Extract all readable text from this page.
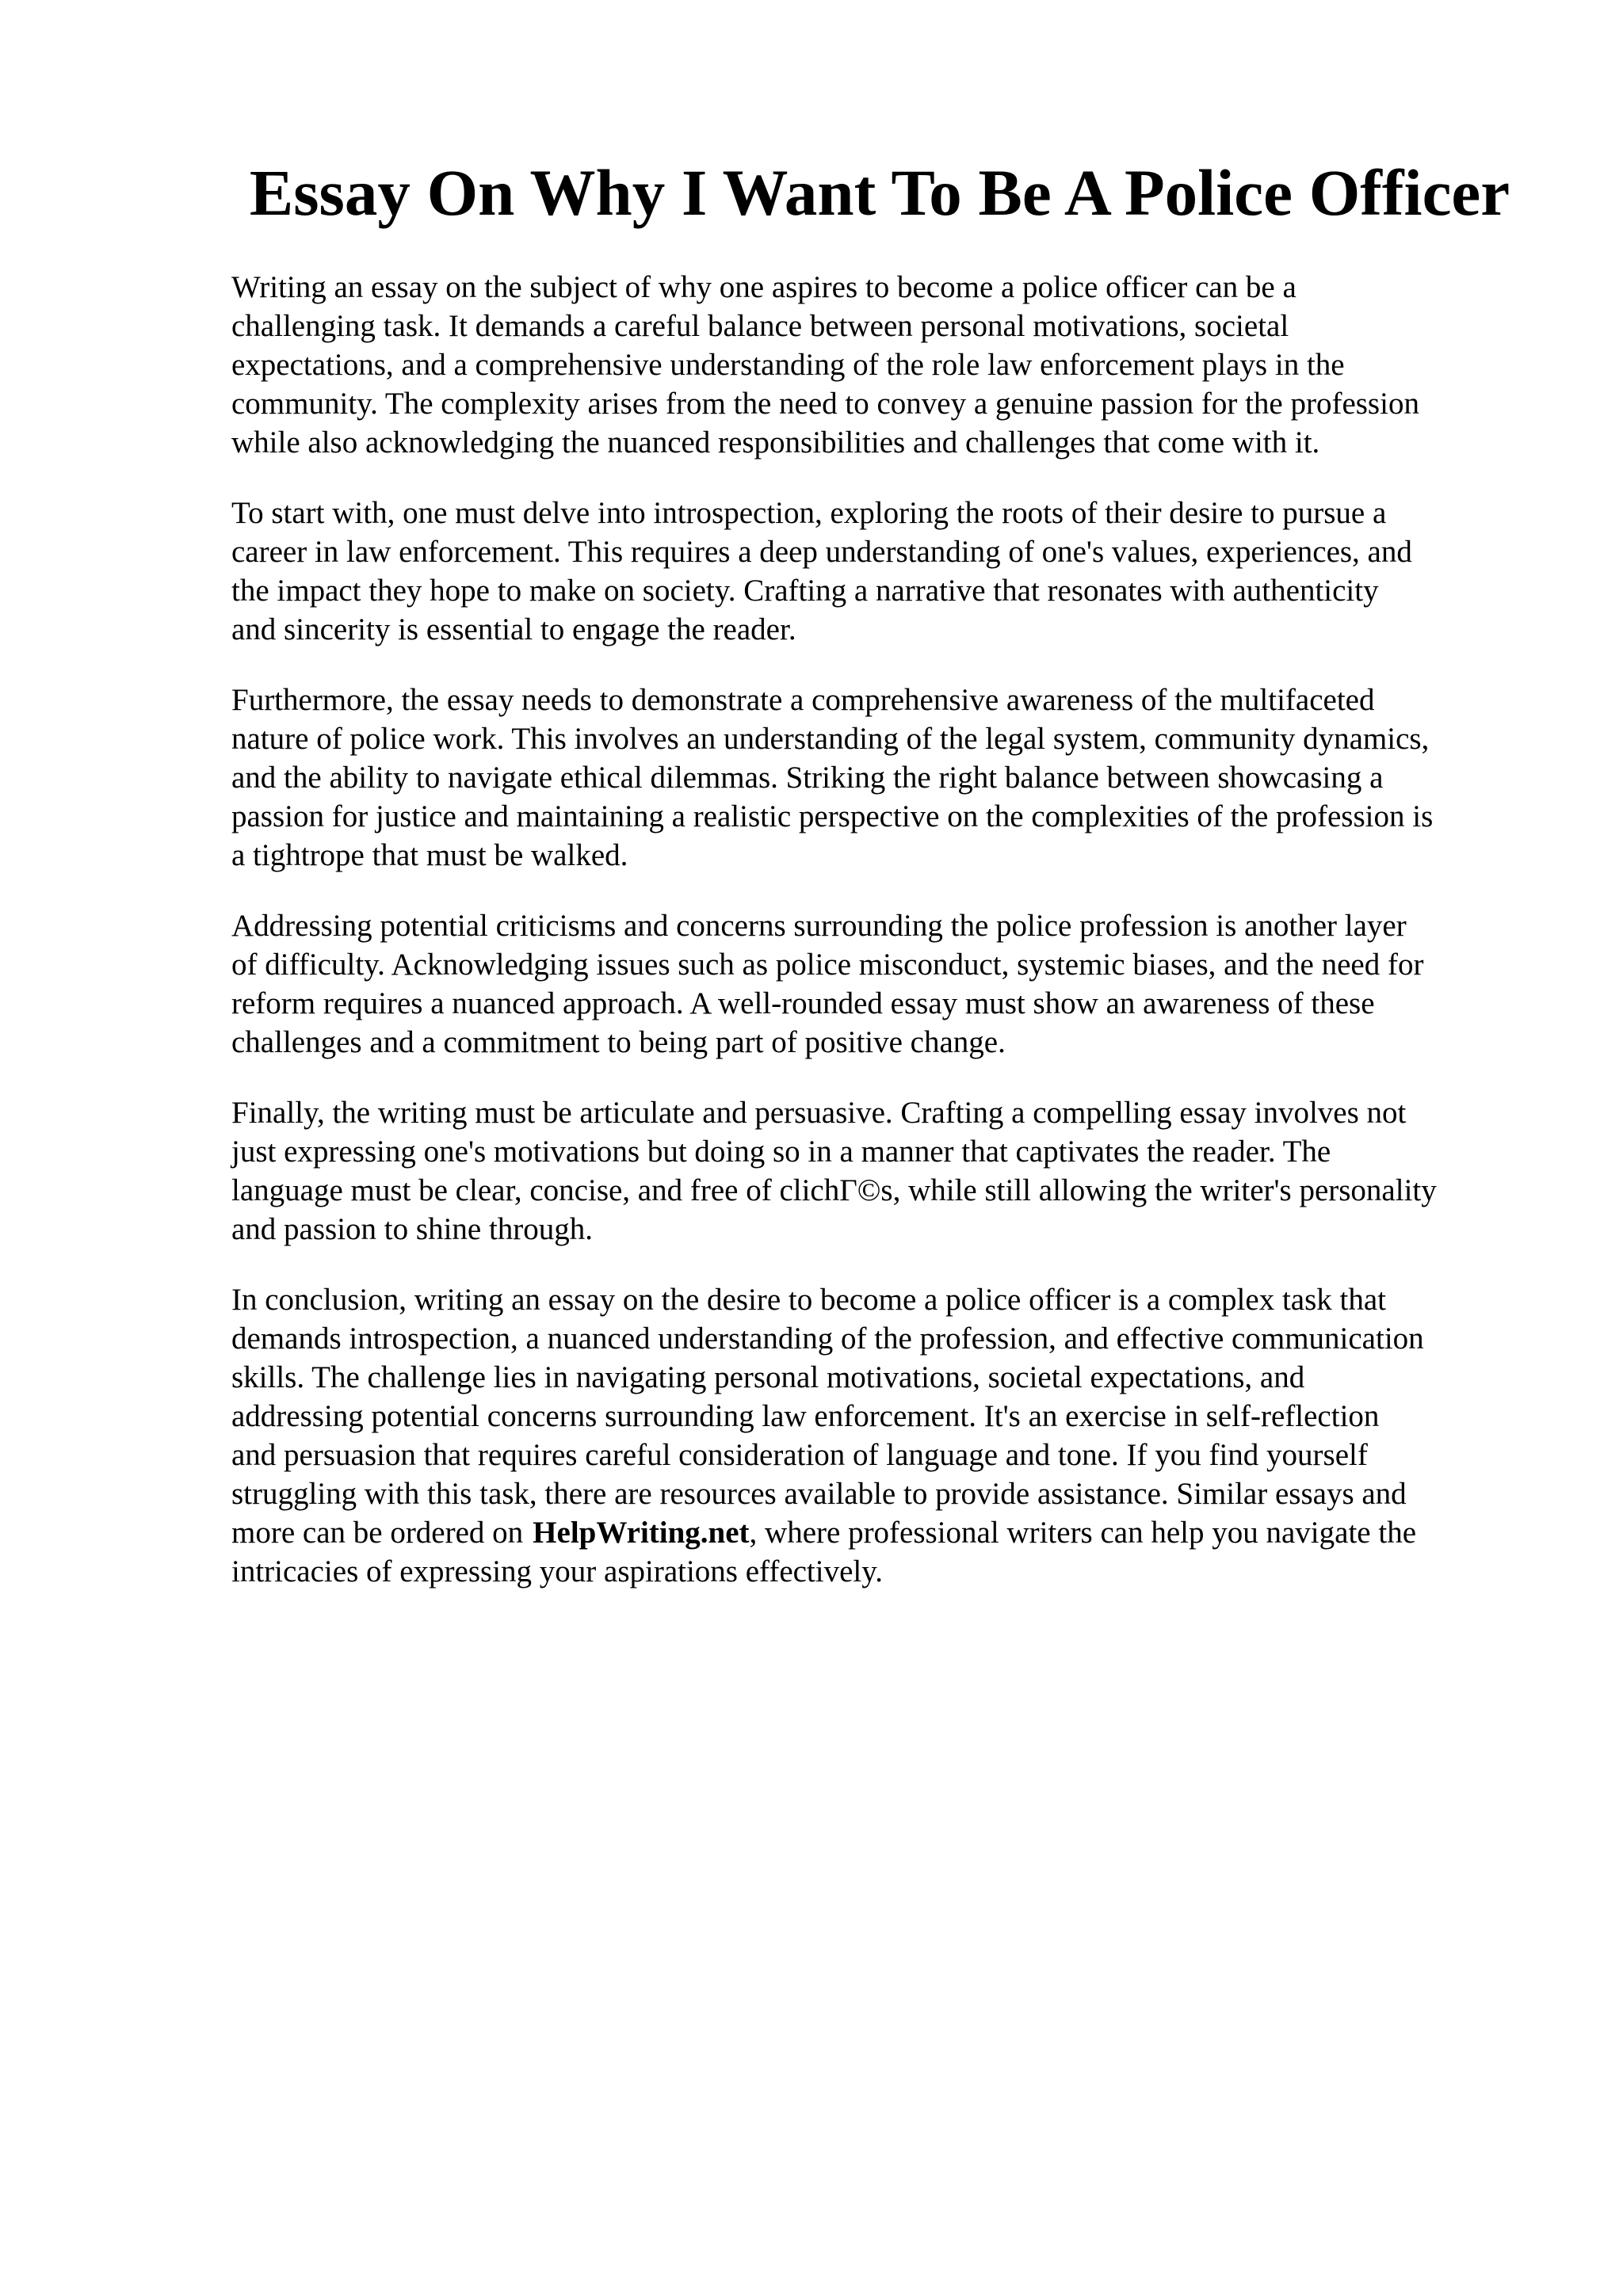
Essay On Why I Want To Be A Police Officer

Writing an essay on the subject of why one aspires to become a police officer can be a
challenging task. It demands a careful balance between personal motivations, societal
expectations, and a comprehensive understanding of the role law enforcement plays in the
community. The complexity arises from the need to convey a genuine passion for the profession
while also acknowledging the nuanced responsibilities and challenges that come with it.

To start with, one must delve into introspection, exploring the roots of their desire to pursue a
career in law enforcement. This requires a deep understanding of one's values, experiences, and
the impact they hope to make on society. Crafting a narrative that resonates with authenticity
and sincerity is essential to engage the reader.

Furthermore, the essay needs to demonstrate a comprehensive awareness of the multifaceted
nature of police work. This involves an understanding of the legal system, community dynamics,
and the ability to navigate ethical dilemmas. Striking the right balance between showcasing a
passion for justice and maintaining a realistic perspective on the complexities of the profession is
a tightrope that must be walked.

Addressing potential criticisms and concerns surrounding the police profession is another layer
of difficulty. Acknowledging issues such as police misconduct, systemic biases, and the need for
reform requires a nuanced approach. A well-rounded essay must show an awareness of these
challenges and a commitment to being part of positive change.

Finally, the writing must be articulate and persuasive. Crafting a compelling essay involves not
just expressing one's motivations but doing so in a manner that captivates the reader. The
language must be clear, concise, and free of clichΓ©s, while still allowing the writer's personality
and passion to shine through.

In conclusion, writing an essay on the desire to become a police officer is a complex task that
demands introspection, a nuanced understanding of the profession, and effective communication
skills. The challenge lies in navigating personal motivations, societal expectations, and
addressing potential concerns surrounding law enforcement. It's an exercise in self-reflection
and persuasion that requires careful consideration of language and tone. If you find yourself
struggling with this task, there are resources available to provide assistance. Similar essays and
more can be ordered on HelpWriting.net, where professional writers can help you navigate the
intricacies of expressing your aspirations effectively.
